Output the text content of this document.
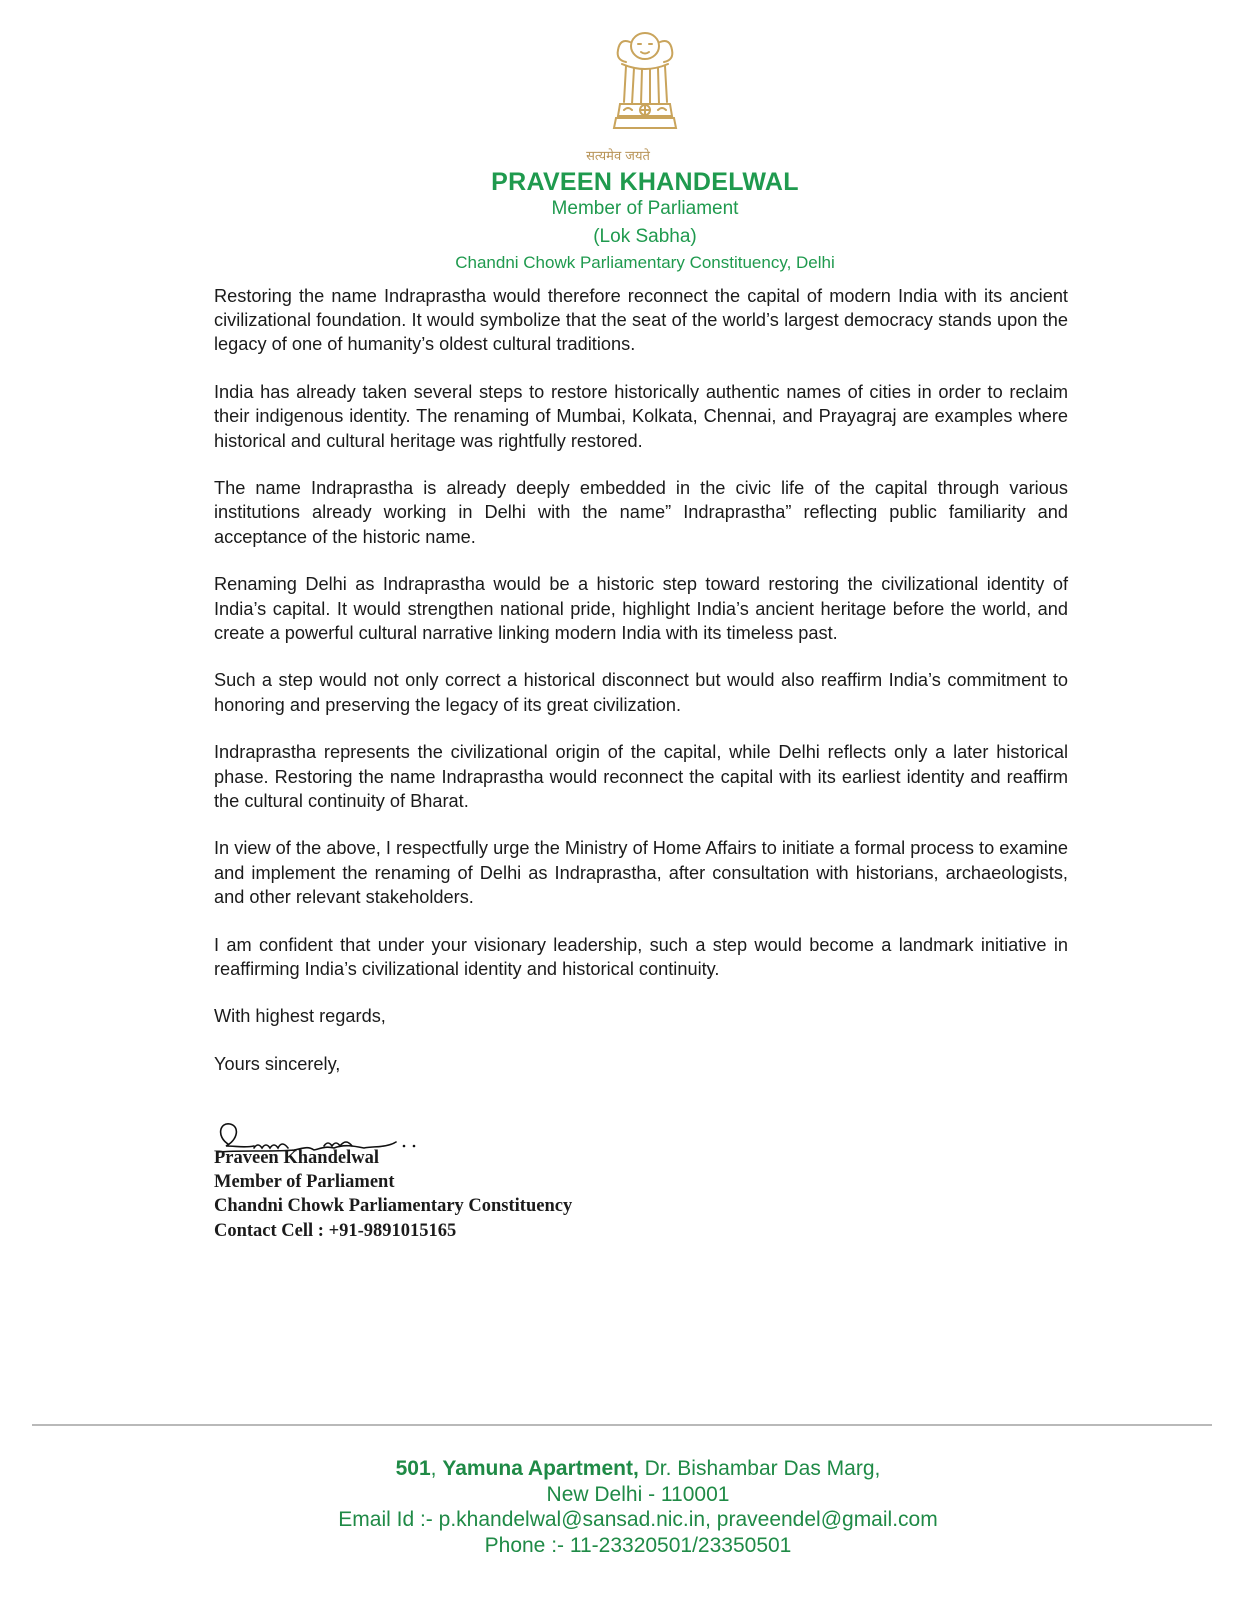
सत्यमेव जयते
PRAVEEN KHANDELWAL
Member of Parliament
(Lok Sabha)
Chandni Chowk Parliamentary Constituency, Delhi

Restoring the name Indraprastha would therefore reconnect the capital of modern India with its ancient civilizational foundation. It would symbolize that the seat of the world’s largest democracy stands upon the legacy of one of humanity’s oldest cultural traditions.

India has already taken several steps to restore historically authentic names of cities in order to reclaim their indigenous identity. The renaming of Mumbai, Kolkata, Chennai, and Prayagraj are examples where historical and cultural heritage was rightfully restored.

The name Indraprastha is already deeply embedded in the civic life of the capital through various institutions already working in Delhi with the name” Indraprastha” reflecting public familiarity and acceptance of the historic name.

Renaming Delhi as Indraprastha would be a historic step toward restoring the civilizational identity of India’s capital. It would strengthen national pride, highlight India’s ancient heritage before the world, and create a powerful cultural narrative linking modern India with its timeless past.

Such a step would not only correct a historical disconnect but would also reaffirm India’s commitment to honoring and preserving the legacy of its great civilization.

Indraprastha represents the civilizational origin of the capital, while Delhi reflects only a later historical phase. Restoring the name Indraprastha would reconnect the capital with its earliest identity and reaffirm the cultural continuity of Bharat.

In view of the above, I respectfully urge the Ministry of Home Affairs to initiate a formal process to examine and implement the renaming of Delhi as Indraprastha, after consultation with historians, archaeologists, and other relevant stakeholders.

I am confident that under your visionary leadership, such a step would become a landmark initiative in reaffirming India’s civilizational identity and historical continuity.

With highest regards,

Yours sincerely,

Praveen Khandelwal
Member of Parliament
Chandni Chowk Parliamentary Constituency
Contact Cell : +91-9891015165
501, Yamuna Apartment, Dr. Bishambar Das Marg,
New Delhi - 110001
Email Id :- p.khandelwal@sansad.nic.in, praveendel@gmail.com
Phone :- 11-23320501/23350501
